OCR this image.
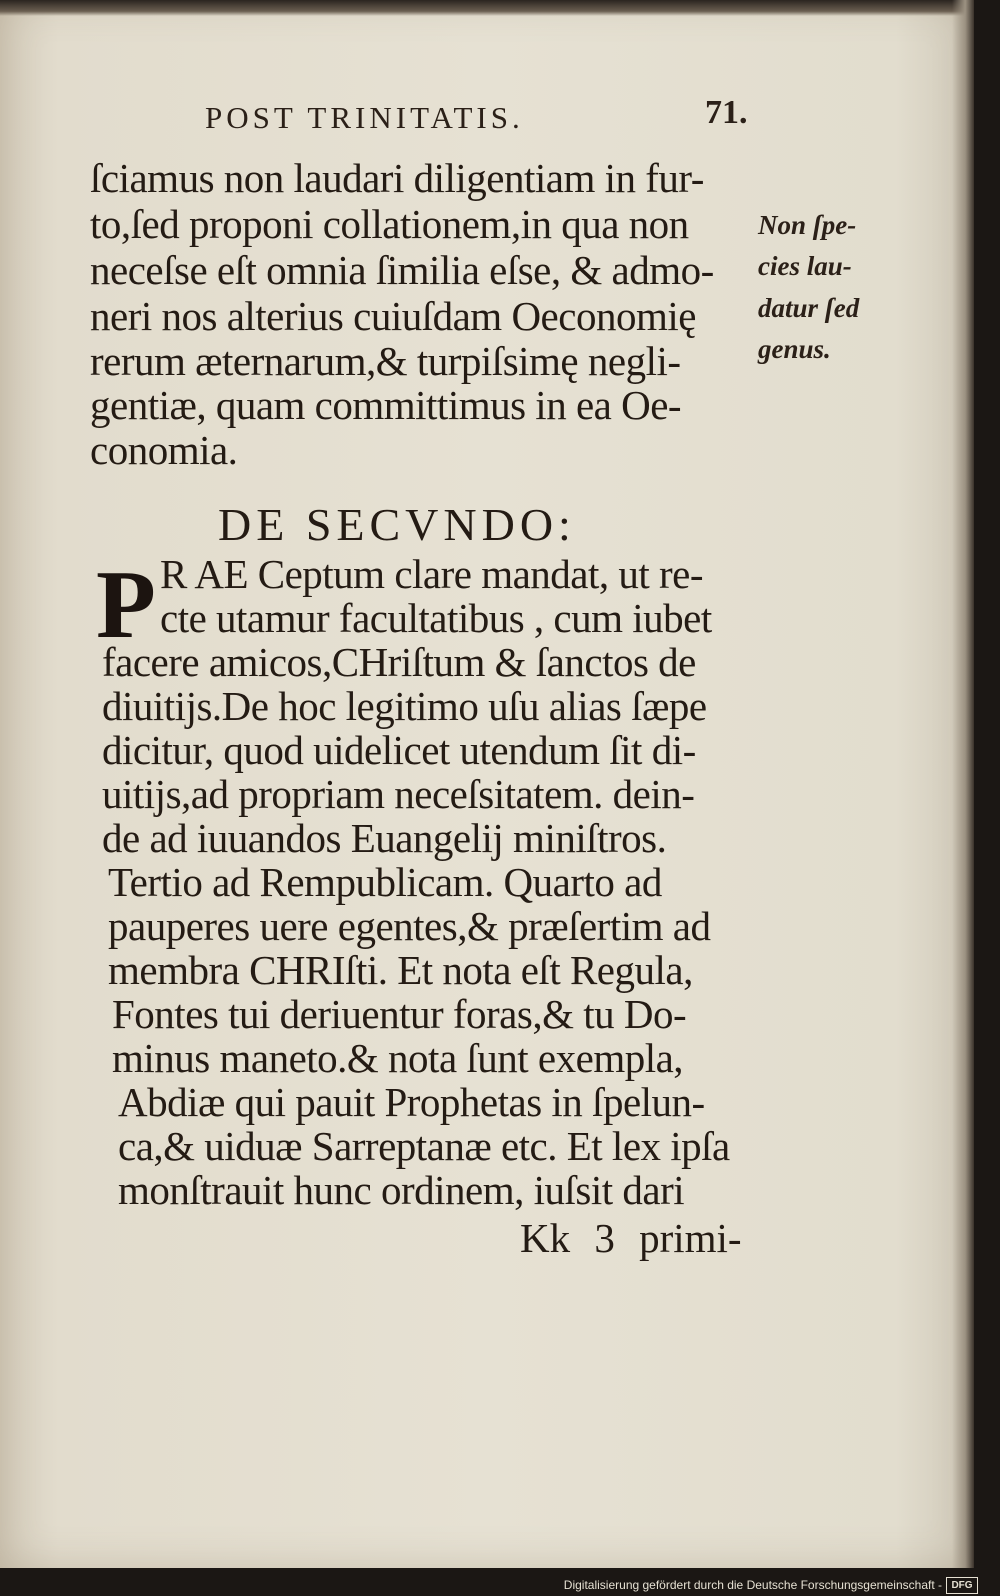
POST TRINITATIS.	71.
ſciamus non laudari diligentiam in fur-
to,ſed proponi collationem,in qua non
neceſse eſt omnia ſimilia eſse, & admo-
neri nos alterius cuiuſdam Oeconomię
rerum æternarum,& turpiſsimę negli-
gentiæ, quam committimus in ea Oe-
conomia.
Non ſpe-
cies lau-
datur ſed
genus.
DE SECVNDO:
P R AE Ceptum clare mandat, ut re-
cte utamur facultatibus , cum iubet
facere amicos,CHriſtum & ſanctos de
diuitijs.De hoc legitimo uſu alias ſæpe
dicitur, quod uidelicet utendum ſit di-
uitijs,ad propriam neceſsitatem. dein-
de ad iuuandos Euangelij miniſtros.
Tertio ad Rempublicam. Quarto ad
pauperes uere egentes,& præſertim ad
membra CHRIſti. Et nota eſt Regula,
Fontes tui deriuentur foras,& tu Do-
minus maneto.& nota ſunt exempla,
Abdiæ qui pauit Prophetas in ſpelun-
ca,& uiduæ Sarreptanæ etc. Et lex ipſa
monſtrauit hunc ordinem, iuſsit dari
Kk 3 primi-
Digitalisierung gefördert durch die Deutsche Forschungsgemeinschaft - DFG
